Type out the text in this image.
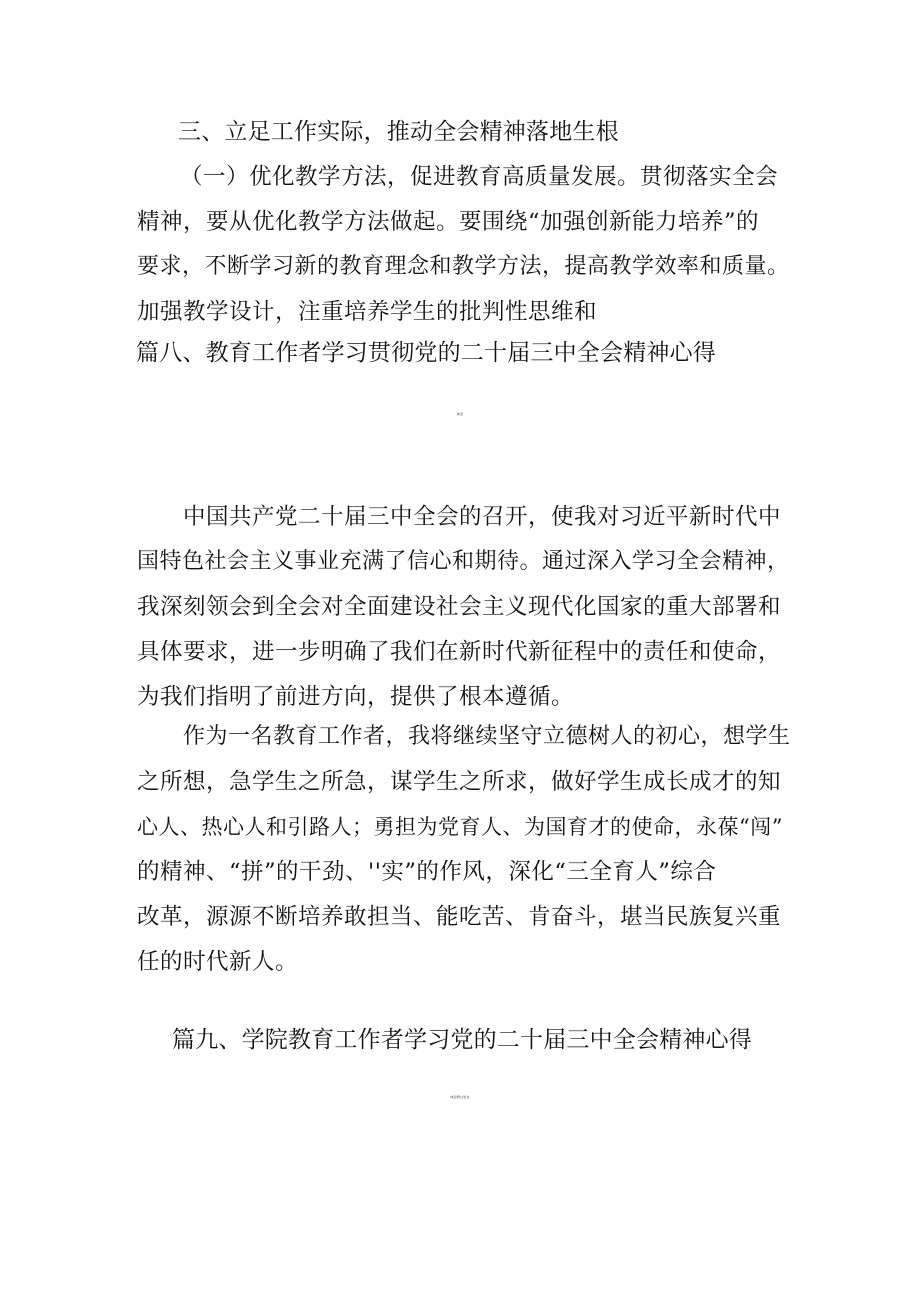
三、立足工作实际，推动全会精神落地生根
（一）优化教学方法，促进教育高质量发展。贯彻落实全会
精神，要从优化教学方法做起。要围绕“加强创新能力培养”的
要求，不断学习新的教育理念和教学方法，提高教学效率和质量。
加强教学设计，注重培养学生的批判性思维和
篇八、教育工作者学习贯彻党的二十届三中全会精神心得
体会
中国共产党二十届三中全会的召开，使我对习近平新时代中
国特色社会主义事业充满了信心和期待。通过深入学习全会精神，
我深刻领会到全会对全面建设社会主义现代化国家的重大部署和
具体要求，进一步明确了我们在新时代新征程中的责任和使命，
为我们指明了前进方向，提供了根本遵循。
作为一名教育工作者，我将继续坚守立德树人的初心，想学生
之所想，急学生之所急，谋学生之所求，做好学生成长成才的知
心人、热心人和引路人；勇担为党育人、为国育才的使命，永葆“闯”
的精神、“拼”的干劲、''实”的作风，深化“三全育人”综合
改革，源源不断培养敢担当、能吃苦、肯奋斗，堪当民族复兴重
任的时代新人。
篇九、学院教育工作者学习党的二十届三中全会精神心得
体会研讨发言
